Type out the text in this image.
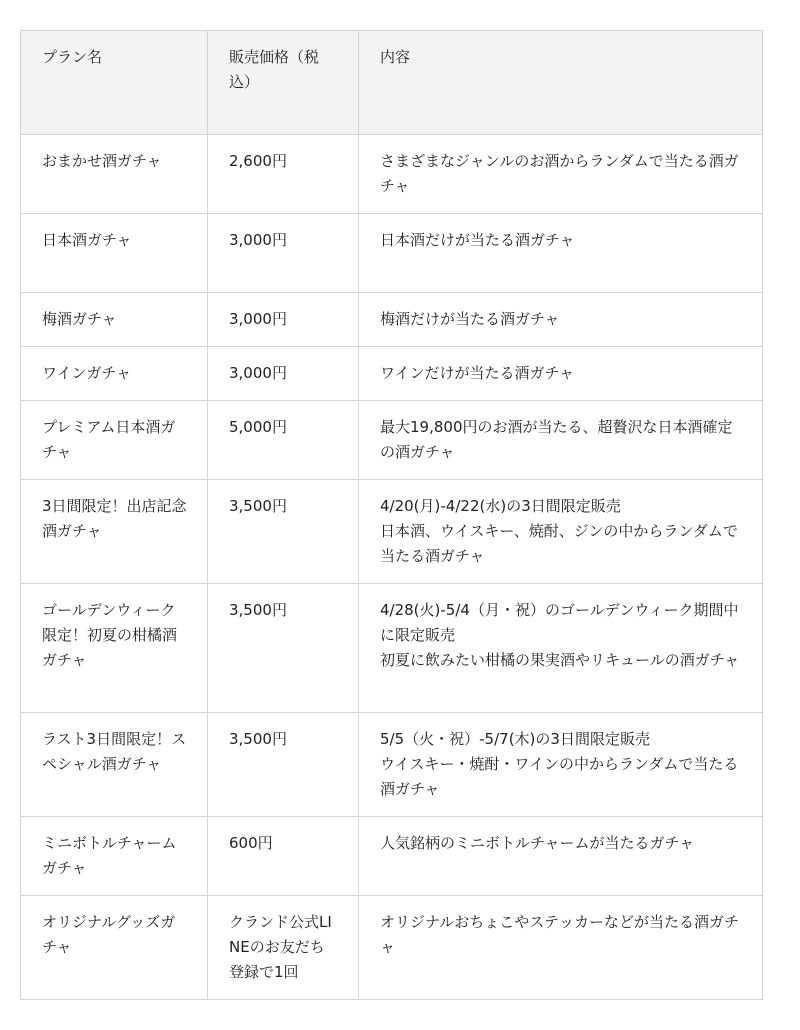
プラン名	販売価格（税込）	内容
おまかせ酒ガチャ	2,600円	さまざまなジャンルのお酒からランダムで当たる酒ガチャ

日本酒ガチャ	3,000円	日本酒だけが当たる酒ガチャ

梅酒ガチャ	3,000円	梅酒だけが当たる酒ガチャ

ワインガチャ	3,000円	ワインだけが当たる酒ガチャ

プレミアム日本酒ガチャ	5,000円	最大19,800円のお酒が当たる、超贅沢な日本酒確定の酒ガチャ

3日間限定！出店記念酒ガチャ	3,500円	4/20(月)-4/22(水)の3日間限定販売
日本酒、ウイスキー、焼酎、ジンの中からランダムで当たる酒ガチャ

ゴールデンウィーク限定！初夏の柑橘酒ガチャ	3,500円	4/28(火)-5/4（月・祝）のゴールデンウィーク期間中に限定販売
初夏に飲みたい柑橘の果実酒やリキュールの酒ガチャ

ラスト3日間限定！スペシャル酒ガチャ	3,500円	5/5（火・祝）-5/7(木)の3日間限定販売
ウイスキー・焼酎・ワインの中からランダムで当たる酒ガチャ

ミニボトルチャームガチャ	600円	人気銘柄のミニボトルチャームが当たるガチャ

オリジナルグッズガチャ	クランド公式LINEのお友だち登録で1回	オリジナルおちょこやステッカーなどが当たる酒ガチャ
